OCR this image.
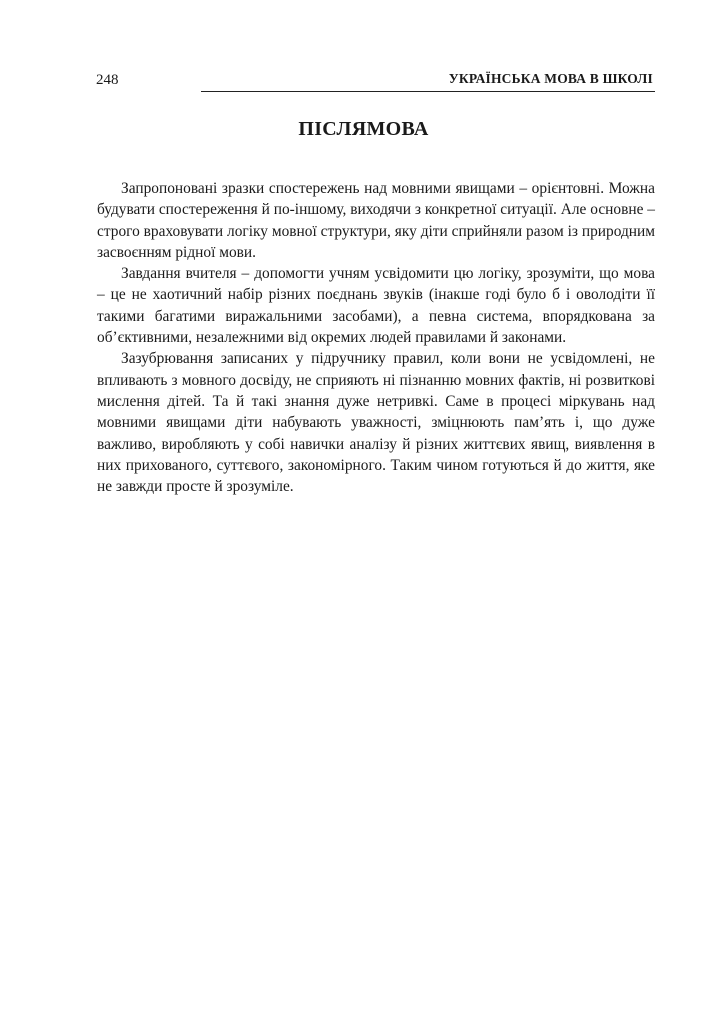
248	УКРАЇНСЬКА МОВА В ШКОЛІ
ПІСЛЯМОВА

Запропоновані зразки спостережень над мовними явищами – орієнтовні. Можна будувати спостереження й по-іншому, виходячи з конкретної ситуації. Але основне – строго враховувати логіку мовної структури, яку діти сприйняли разом із природним засвоєнням рідної мови.

Завдання вчителя – допомогти учням усвідомити цю логіку, зрозуміти, що мова – це не хаотичний набір різних поєднань звуків (інакше годі було б і оволодіти її такими багатими виражальними засобами), а певна система, впорядкована за об’єктивними, незалежними від окремих людей правилами й законами.

Зазубрювання записаних у підручнику правил, коли вони не усвідомлені, не впливають з мовного досвіду, не сприяють ні пізнанню мовних фактів, ні розвиткові мислення дітей. Та й такі знання дуже нетривкі. Саме в процесі міркувань над мовними явищами діти набувають уважності, зміцнюють пам’ять і, що дуже важливо, виробляють у собі навички аналізу й різних життєвих явищ, виявлення в них прихованого, суттєвого, закономірного. Таким чином готуються й до життя, яке не завжди просте й зрозуміле.
